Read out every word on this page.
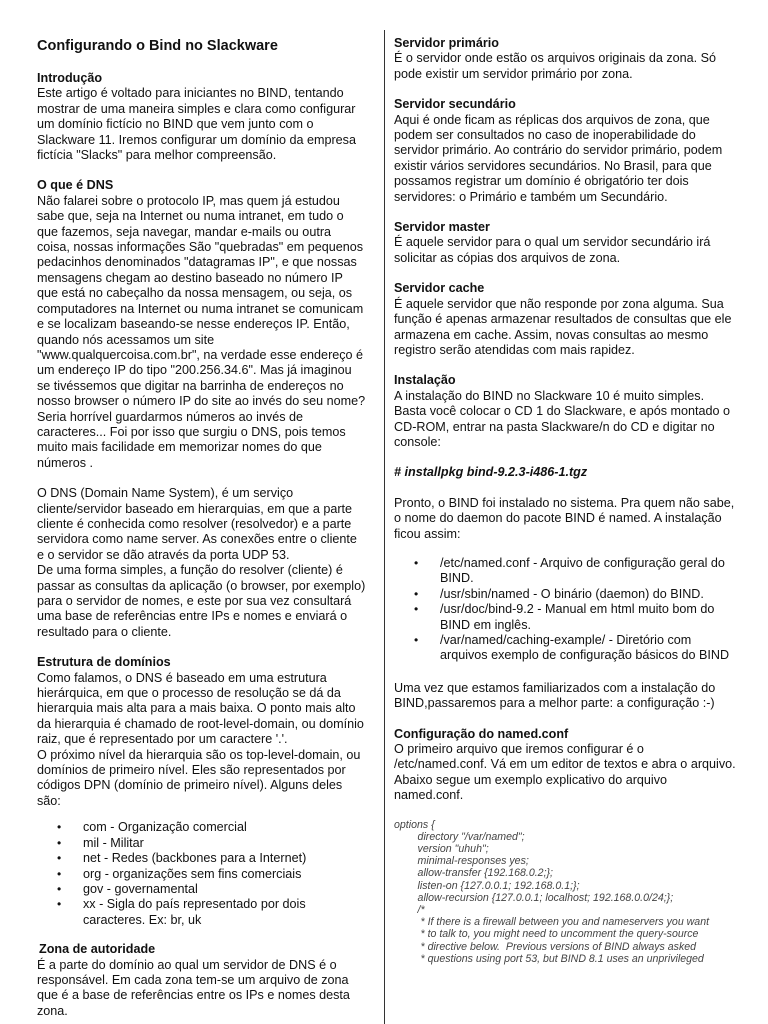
Configurando o Bind no Slackware

Introdução

Este artigo é voltado para iniciantes no BIND, tentando mostrar de uma maneira simples e clara como configurar um domínio fictício no BIND que vem junto com o Slackware 11. Iremos configurar um domínio da empresa fictícia "Slacks" para melhor compreensão.

O que é DNS

Não falarei sobre o protocolo IP, mas quem já estudou sabe que, seja na Internet ou numa intranet, em tudo o que fazemos, seja navegar, mandar e-mails ou outra coisa, nossas informações São "quebradas" em pequenos pedacinhos denominados "datagramas IP", e que nossas mensagens chegam ao destino baseado no número IP que está no cabeçalho da nossa mensagem, ou seja, os computadores na Internet ou numa intranet se comunicam e se localizam baseando-se nesse endereços IP. Então, quando nós acessamos um site "www.qualquercoisa.com.br", na verdade esse endereço é um endereço IP do tipo "200.256.34.6". Mas já imaginou se tivéssemos que digitar na barrinha de endereços no nosso browser o número IP do site ao invés do seu nome? Seria horrível guardarmos números ao invés de caracteres... Foi por isso que surgiu o DNS, pois temos muito mais facilidade em memorizar nomes do que números .

O DNS (Domain Name System), é um serviço cliente/servidor baseado em hierarquias, em que a parte cliente é conhecida como resolver (resolvedor) e a parte servidora como name server. As conexões entre o cliente e o servidor se dão através da porta UDP 53.

De uma forma simples, a função do resolver (cliente) é passar as consultas da aplicação (o browser, por exemplo) para o servidor de nomes, e este por sua vez consultará uma base de referências entre IPs e nomes e enviará o resultado para o cliente.

Estrutura de domínios

Como falamos, o DNS é baseado em uma estrutura hierárquica, em que o processo de resolução se dá da hierarquia mais alta para a mais baixa. O ponto mais alto da hierarquia é chamado de root-level-domain, ou domínio raiz, que é representado por um caractere '.'.

O próximo nível da hierarquia são os top-level-domain, ou domínios de primeiro nível. Eles são representados por códigos DPN (domínio de primeiro nível). Alguns deles são:

• com - Organização comercial
• mil - Militar
• net - Redes (backbones para a Internet)
• org - organizações sem fins comerciais
• gov - governamental
• xx - Sigla do país representado por dois caracteres. Ex: br, uk

Zona de autoridade

É a parte do domínio ao qual um servidor de DNS é o responsável. Em cada zona tem-se um arquivo de zona que é a base de referências entre os IPs e nomes desta zona.

Servidor primário

É o servidor onde estão os arquivos originais da zona. Só pode existir um servidor primário por zona.

Servidor secundário

Aqui é onde ficam as réplicas dos arquivos de zona, que podem ser consultados no caso de inoperabilidade do servidor primário. Ao contrário do servidor primário, podem existir vários servidores secundários. No Brasil, para que possamos registrar um domínio é obrigatório ter dois servidores: o Primário e também um Secundário.

Servidor master

É aquele servidor para o qual um servidor secundário irá solicitar as cópias dos arquivos de zona.

Servidor cache

É aquele servidor que não responde por zona alguma. Sua função é apenas armazenar resultados de consultas que ele armazena em cache. Assim, novas consultas ao mesmo registro serão atendidas com mais rapidez.

Instalação

A instalação do BIND no Slackware 10 é muito simples. Basta você colocar o CD 1 do Slackware, e após montado o CD-ROM, entrar na pasta Slackware/n do CD e digitar no console:

# installpkg bind-9.2.3-i486-1.tgz

Pronto, o BIND foi instalado no sistema. Pra quem não sabe, o nome do daemon do pacote BIND é named. A instalação ficou assim:

• /etc/named.conf - Arquivo de configuração geral do BIND.
• /usr/sbin/named - O binário (daemon) do BIND.
• /usr/doc/bind-9.2 - Manual em html muito bom do BIND em inglês.
• /var/named/caching-example/ - Diretório com arquivos exemplo de configuração básicos do BIND

Uma vez que estamos familiarizados com a instalação do BIND,passaremos para a melhor parte: a configuração :-)

Configuração do named.conf

O primeiro arquivo que iremos configurar é o /etc/named.conf. Vá em um editor de textos e abra o arquivo. Abaixo segue um exemplo explicativo do arquivo named.conf.

options {
directory "/var/named";
version "uhuh";
minimal-responses yes;
allow-transfer {192.168.0.2;};
listen-on {127.0.0.1; 192.168.0.1;};
allow-recursion {127.0.0.1; localhost; 192.168.0.0/24;};
/*
* If there is a firewall between you and nameservers you want
* to talk to, you might need to uncomment the query-source
* directive below.  Previous versions of BIND always asked
* questions using port 53, but BIND 8.1 uses an unprivileged
